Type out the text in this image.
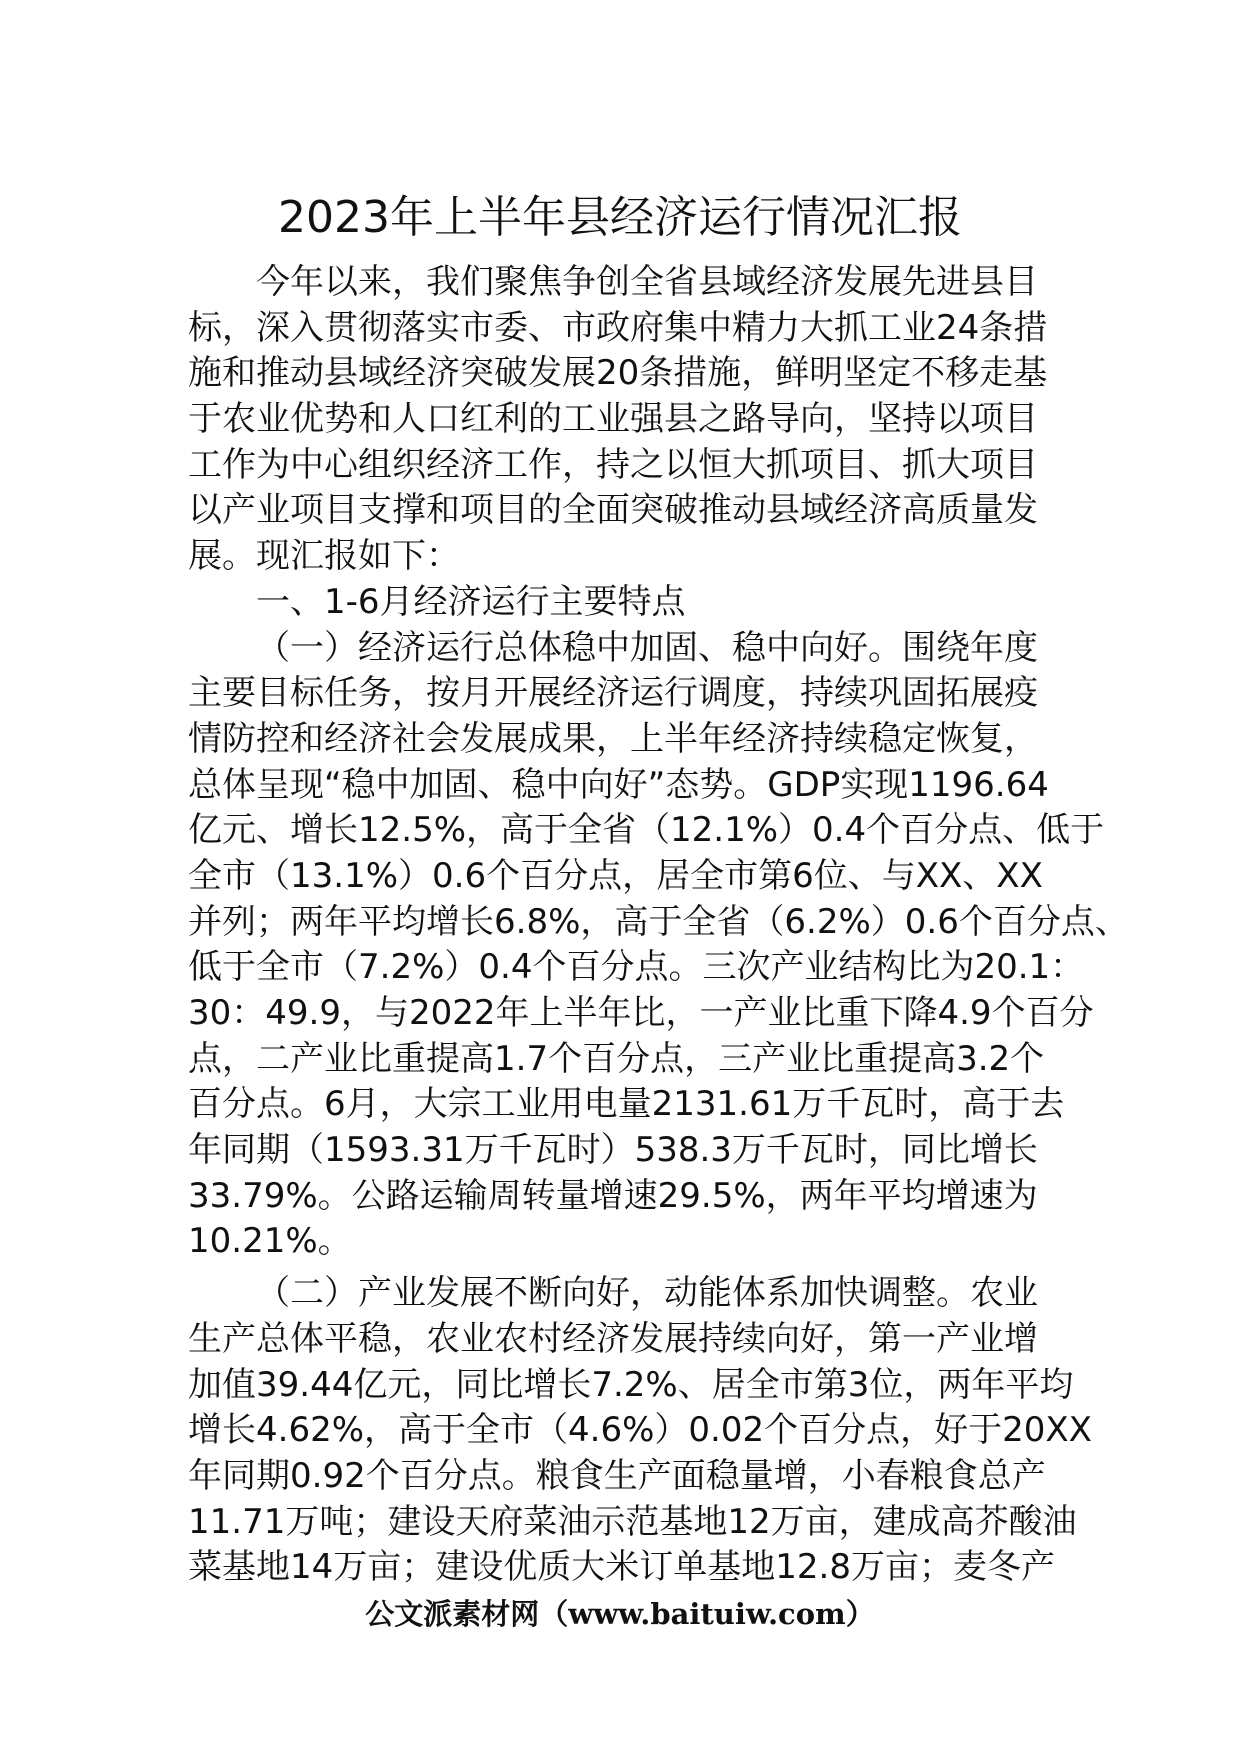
2023年上半年县经济运行情况汇报
今年以来，我们聚焦争创全省县域经济发展先进县目
标，深入贯彻落实市委、市政府集中精力大抓工业24条措
施和推动县域经济突破发展20条措施，鲜明坚定不移走基
于农业优势和人口红利的工业强县之路导向，坚持以项目
工作为中心组织经济工作，持之以恒大抓项目、抓大项目
以产业项目支撑和项目的全面突破推动县域经济高质量发
展。现汇报如下：
一、1-6月经济运行主要特点
（一）经济运行总体稳中加固、稳中向好。围绕年度
主要目标任务，按月开展经济运行调度，持续巩固拓展疫
情防控和经济社会发展成果，上半年经济持续稳定恢复，
总体呈现“稳中加固、稳中向好”态势。GDP实现1196.64
亿元、增长12.5%，高于全省（12.1%）0.4个百分点、低于
全市（13.1%）0.6个百分点，居全市第6位、与XX、XX
并列；两年平均增长6.8%，高于全省（6.2%）0.6个百分点、
低于全市（7.2%）0.4个百分点。三次产业结构比为20.1：
30：49.9，与2022年上半年比，一产业比重下降4.9个百分
点，二产业比重提高1.7个百分点，三产业比重提高3.2个
百分点。6月，大宗工业用电量2131.61万千瓦时，高于去
年同期（1593.31万千瓦时）538.3万千瓦时，同比增长
33.79%。公路运输周转量增速29.5%，两年平均增速为
10.21%。
（二）产业发展不断向好，动能体系加快调整。农业
生产总体平稳，农业农村经济发展持续向好，第一产业增
加值39.44亿元，同比增长7.2%、居全市第3位，两年平均
增长4.62%，高于全市（4.6%）0.02个百分点，好于20XX
年同期0.92个百分点。粮食生产面稳量增，小春粮食总产
11.71万吨；建设天府菜油示范基地12万亩，建成高芥酸油
菜基地14万亩；建设优质大米订单基地12.8万亩；麦冬产
公文派素材网（www.baituiw.com）
